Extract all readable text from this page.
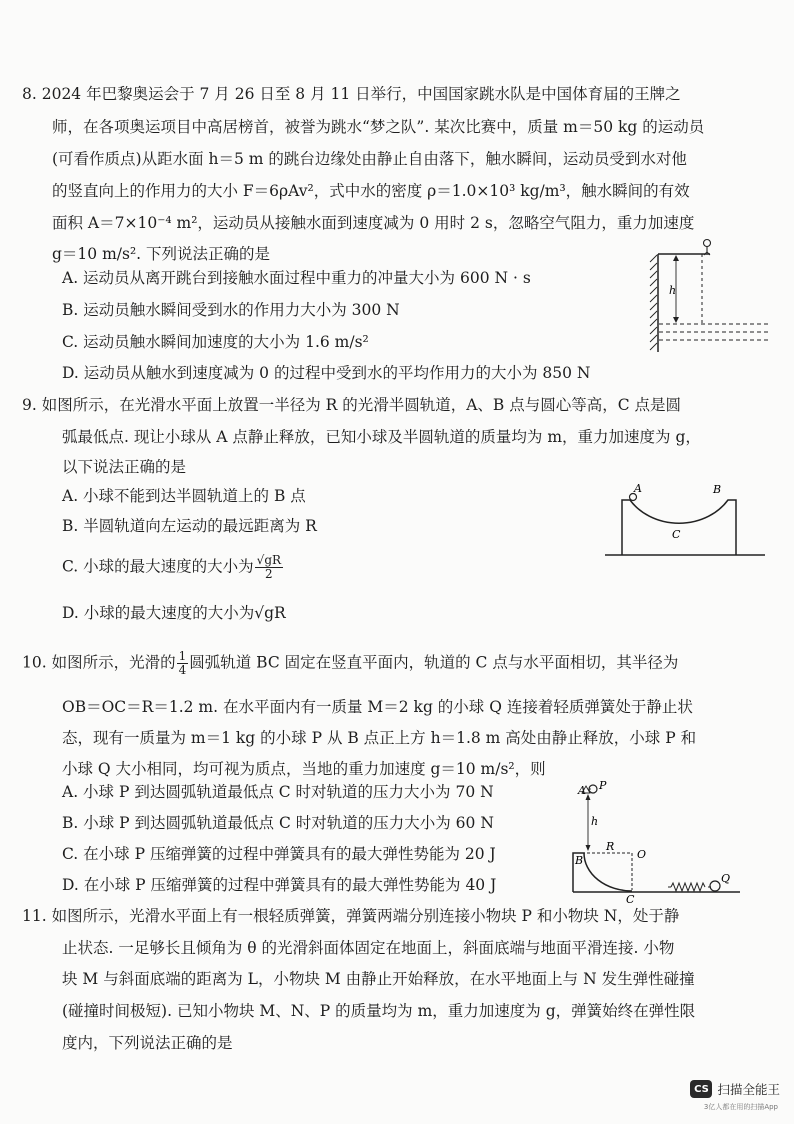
8. 2024 年巴黎奥运会于 7 月 26 日至 8 月 11 日举行，中国国家跳水队是中国体育届的王牌之
师，在各项奥运项目中高居榜首，被誉为跳水“梦之队”. 某次比赛中，质量 m＝50 kg 的运动员
(可看作质点)从距水面 h＝5 m 的跳台边缘处由静止自由落下，触水瞬间，运动员受到水对他
的竖直向上的作用力的大小 F＝6ρAv²，式中水的密度 ρ＝1.0×10³ kg/m³，触水瞬间的有效
面积 A＝7×10⁻⁴ m²，运动员从接触水面到速度减为 0 用时 2 s，忽略空气阻力，重力加速度
g＝10 m/s². 下列说法正确的是
A. 运动员从离开跳台到接触水面过程中重力的冲量大小为 600 N · s
B. 运动员触水瞬间受到水的作用力大小为 300 N
C. 运动员触水瞬间加速度的大小为 1.6 m/s²
D. 运动员从触水到速度减为 0 的过程中受到水的平均作用力的大小为 850 N
h
9. 如图所示，在光滑水平面上放置一半径为 R 的光滑半圆轨道，A、B 点与圆心等高，C 点是圆
弧最低点. 现让小球从 A 点静止释放，已知小球及半圆轨道的质量均为 m，重力加速度为 g，
以下说法正确的是
A. 小球不能到达半圆轨道上的 B 点
B. 半圆轨道向左运动的最远距离为 R
C. 小球的最大速度的大小为 $\frac{√gR}{2}$
D. 小球的最大速度的大小为√gR
A	B
C
10. 如图所示，光滑的 $\frac{1}{4}$ 圆弧轨道 BC 固定在竖直平面内，轨道的 C 点与水平面相切，其半径为
OB＝OC＝R＝1.2 m. 在水平面内有一质量 M＝2 kg 的小球 Q 连接着轻质弹簧处于静止状
态，现有一质量为 m＝1 kg 的小球 P 从 B 点正上方 h＝1.8 m 高处由静止释放，小球 P 和
小球 Q 大小相同，均可视为质点，当地的重力加速度 g＝10 m/s²，则
A. 小球 P 到达圆弧轨道最低点 C 时对轨道的压力大小为 70 N
B. 小球 P 到达圆弧轨道最低点 C 时对轨道的压力大小为 60 N
C. 在小球 P 压缩弹簧的过程中弹簧具有的最大弹性势能为 20 J
D. 在小球 P 压缩弹簧的过程中弹簧具有的最大弹性势能为 40 J
A P
h
R
O
B
C
Q
11. 如图所示，光滑水平面上有一根轻质弹簧，弹簧两端分别连接小物块 P 和小物块 N，处于静
止状态. 一足够长且倾角为 θ 的光滑斜面体固定在地面上，斜面底端与地面平滑连接. 小物
块 M 与斜面底端的距离为 L，小物块 M 由静止开始释放，在水平地面上与 N 发生弹性碰撞
(碰撞时间极短). 已知小物块 M、N、P 的质量均为 m，重力加速度为 g，弹簧始终在弹性限
度内，下列说法正确的是
CS 扫描全能王
3亿人都在用的扫描App
